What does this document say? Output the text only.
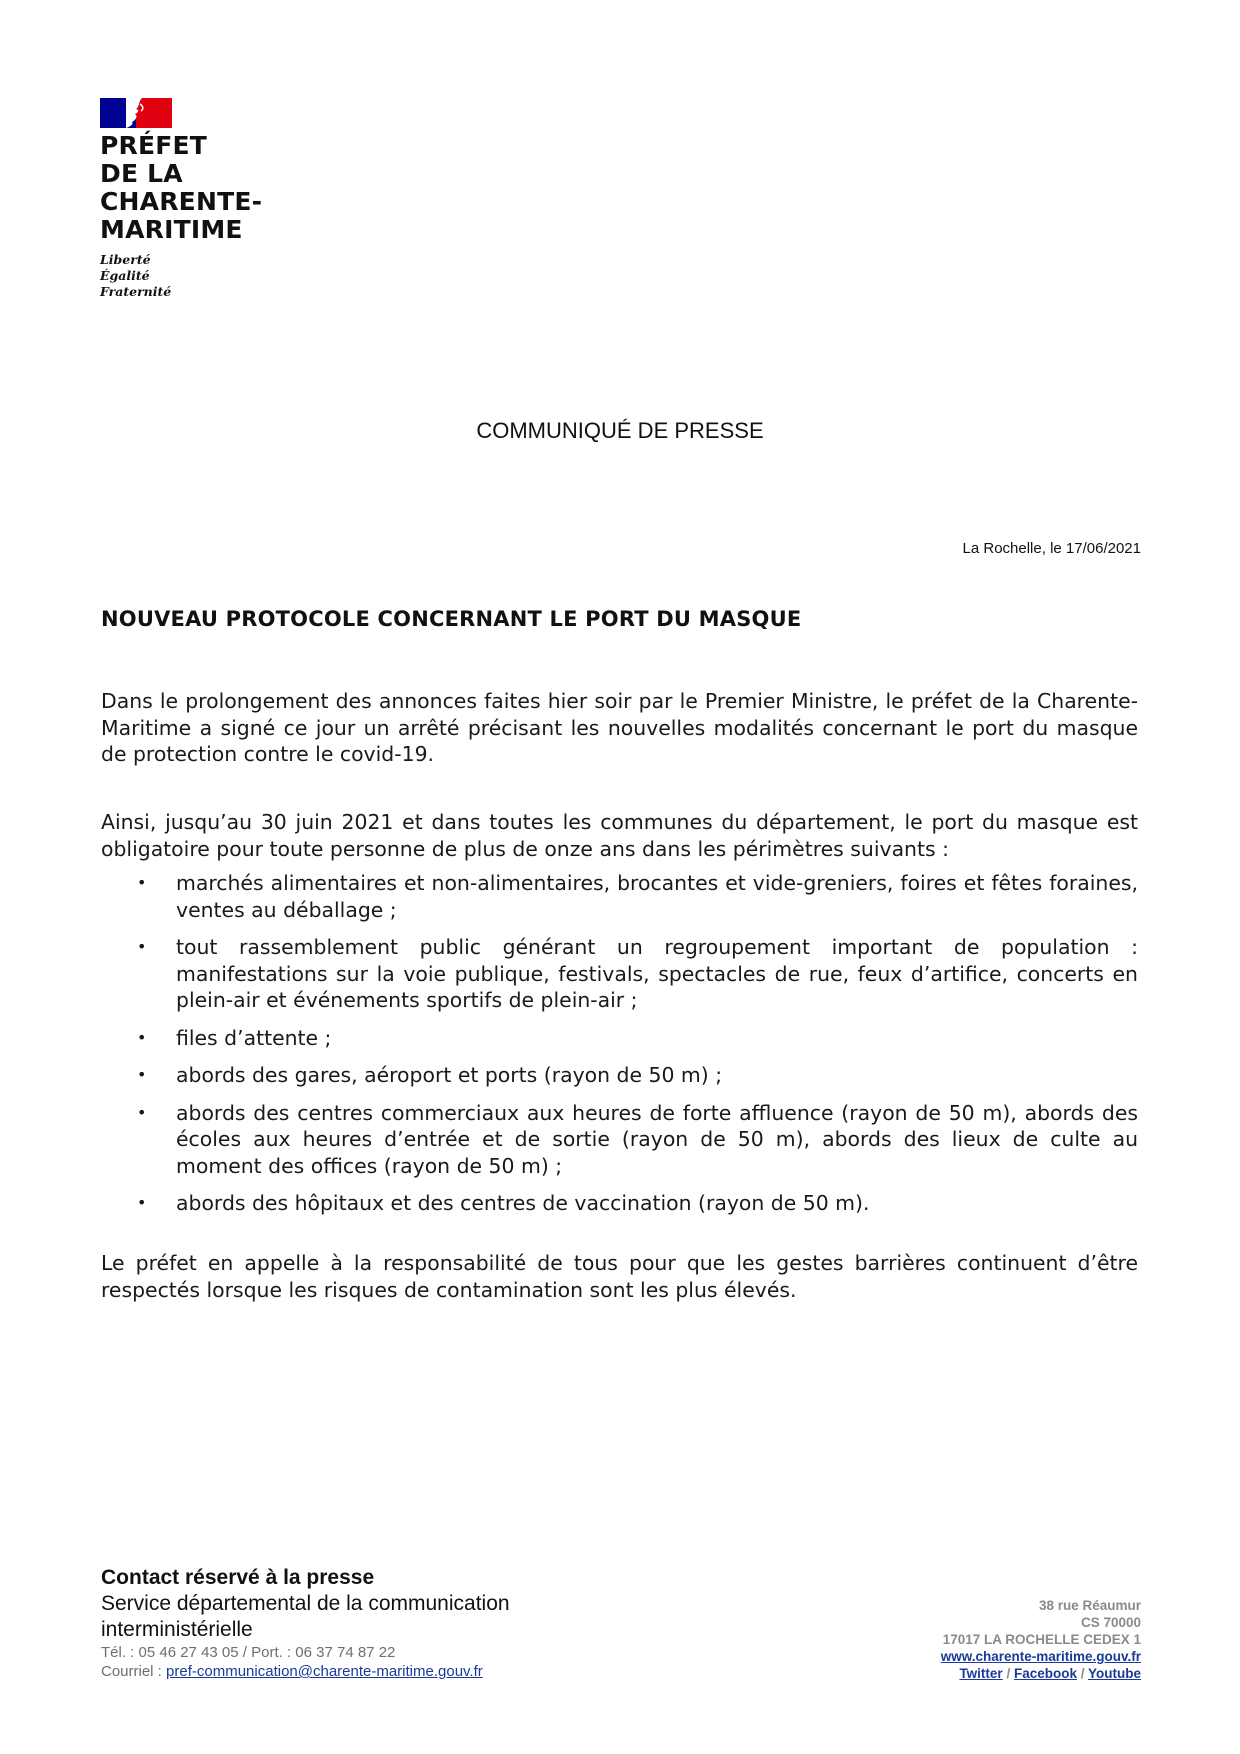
PRÉFET
DE LA
CHARENTE-
MARITIME
Liberté
Égalité
Fraternité
COMMUNIQUÉ DE PRESSE
La Rochelle, le 17/06/2021
NOUVEAU PROTOCOLE CONCERNANT LE PORT DU MASQUE

Dans le prolongement des annonces faites hier soir par le Premier Ministre, le préfet de la Charente-Maritime a signé ce jour un arrêté précisant les nouvelles modalités concernant le port du masque de protection contre le covid-19.

Ainsi, jusqu’au 30 juin 2021 et dans toutes les communes du département, le port du masque est obligatoire pour toute personne de plus de onze ans dans les périmètres suivants :

• marchés alimentaires et non-alimentaires, brocantes et vide-greniers, foires et fêtes foraines, ventes au déballage ;
• tout rassemblement public générant un regroupement important de population : manifestations sur la voie publique, festivals, spectacles de rue, feux d’artifice, concerts en plein-air et événements sportifs de plein-air ;
• files d’attente ;
• abords des gares, aéroport et ports (rayon de 50 m) ;
• abords des centres commerciaux aux heures de forte affluence (rayon de 50 m), abords des écoles aux heures d’entrée et de sortie (rayon de 50 m), abords des lieux de culte au moment des offices (rayon de 50 m) ;
• abords des hôpitaux et des centres de vaccination (rayon de 50 m).

Le préfet en appelle à la responsabilité de tous pour que les gestes barrières continuent d’être respectés lorsque les risques de contamination sont les plus élevés.

Contact réservé à la presse
Service départemental de la communication interministérielle
Tél. : 05 46 27 43 05 / Port. : 06 37 74 87 22
Courriel : pref-communication@charente-maritime.gouv.fr
38 rue Réaumur
CS 70000
17017 LA ROCHELLE CEDEX 1
www.charente-maritime.gouv.fr
Twitter / Facebook / Youtube
